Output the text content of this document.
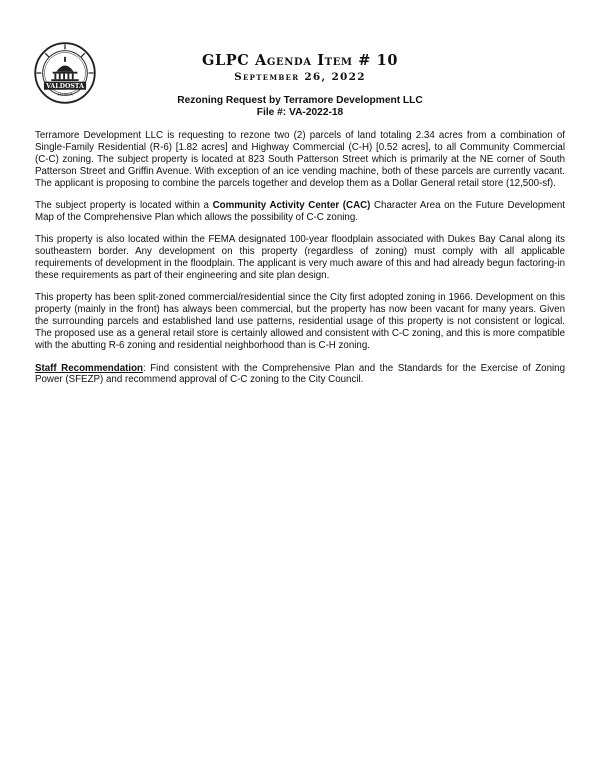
VALDOSTA
GEORGIA
GLPC Agenda Item # 10
September 26, 2022
Rezoning Request by Terramore Development LLC
File #: VA-2022-18

Terramore Development LLC is requesting to rezone two (2) parcels of land totaling 2.34 acres from a combination of Single-Family Residential (R-6) [1.82 acres] and Highway Commercial (C-H) [0.52 acres], to all Community Commercial (C-C) zoning. The subject property is located at 823 South Patterson Street which is primarily at the NE corner of South Patterson Street and Griffin Avenue. With exception of an ice vending machine, both of these parcels are currently vacant. The applicant is proposing to combine the parcels together and develop them as a Dollar General retail store (12,500-sf).

The subject property is located within a Community Activity Center (CAC) Character Area on the Future Development Map of the Comprehensive Plan which allows the possibility of C-C zoning.

This property is also located within the FEMA designated 100-year floodplain associated with Dukes Bay Canal along its southeastern border. Any development on this property (regardless of zoning) must comply with all applicable requirements of development in the floodplain. The applicant is very much aware of this and had already begun factoring-in these requirements as part of their engineering and site plan design.

This property has been split-zoned commercial/residential since the City first adopted zoning in 1966. Development on this property (mainly in the front) has always been commercial, but the property has now been vacant for many years. Given the surrounding parcels and established land use patterns, residential usage of this property is not consistent or logical. The proposed use as a general retail store is certainly allowed and consistent with C-C zoning, and this is more compatible with the abutting R-6 zoning and residential neighborhood than is C-H zoning.

Staff Recommendation: Find consistent with the Comprehensive Plan and the Standards for the Exercise of Zoning Power (SFEZP) and recommend approval of C-C zoning to the City Council.
